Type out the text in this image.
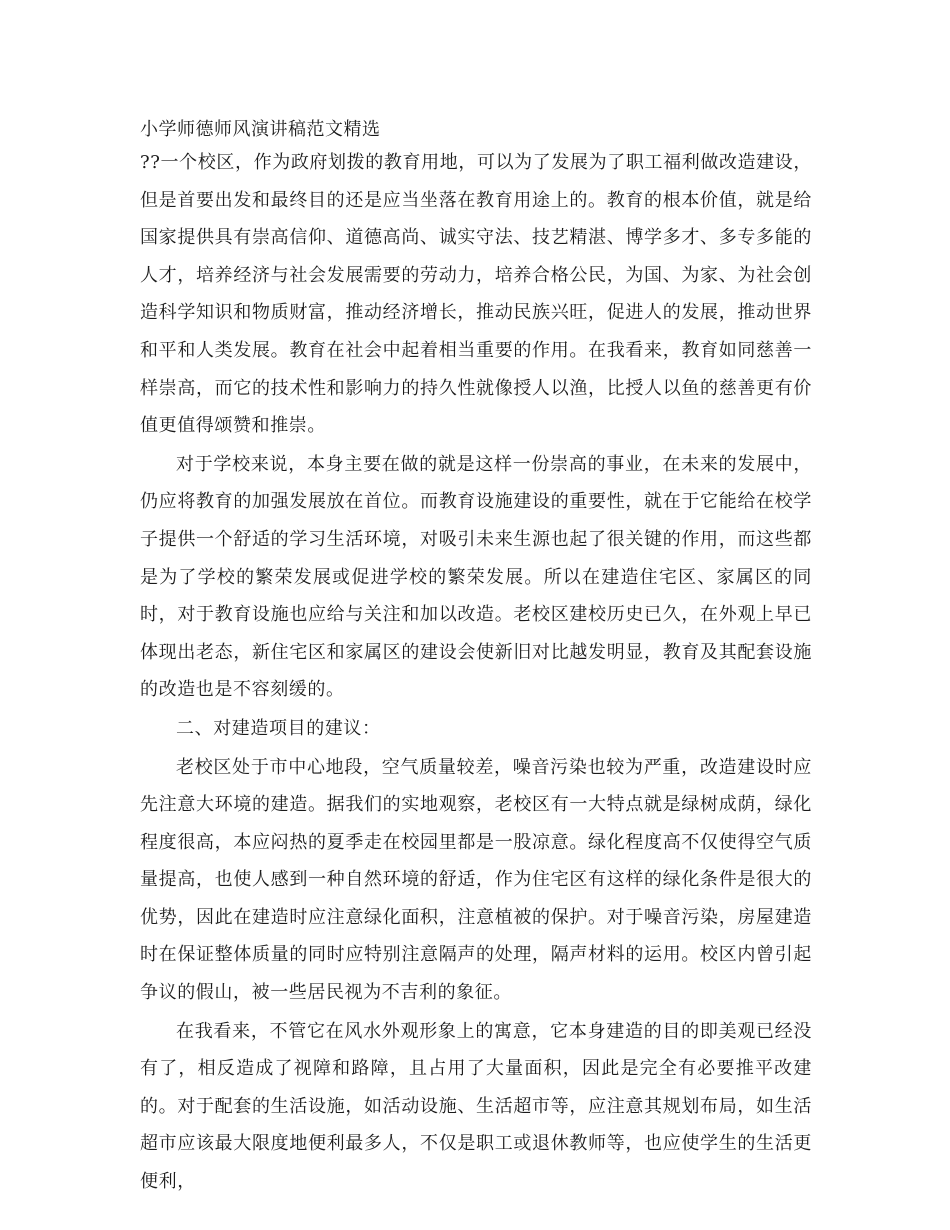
小学师德师风演讲稿范文精选

??一个校区，作为政府划拨的教育用地，可以为了发展为了职工福利做改造建设，但是首要出发和最终目的还是应当坐落在教育用途上的。教育的根本价值，就是给国家提供具有崇高信仰、道德高尚、诚实守法、技艺精湛、博学多才、多专多能的人才，培养经济与社会发展需要的劳动力，培养合格公民，为国、为家、为社会创造科学知识和物质财富，推动经济增长，推动民族兴旺，促进人的发展，推动世界和平和人类发展。教育在社会中起着相当重要的作用。在我看来，教育如同慈善一样崇高，而它的技术性和影响力的持久性就像授人以渔，比授人以鱼的慈善更有价值更值得颂赞和推崇。

对于学校来说，本身主要在做的就是这样一份崇高的事业，在未来的发展中，仍应将教育的加强发展放在首位。而教育设施建设的重要性，就在于它能给在校学子提供一个舒适的学习生活环境，对吸引未来生源也起了很关键的作用，而这些都是为了学校的繁荣发展或促进学校的繁荣发展。所以在建造住宅区、家属区的同时，对于教育设施也应给与关注和加以改造。老校区建校历史已久，在外观上早已体现出老态，新住宅区和家属区的建设会使新旧对比越发明显，教育及其配套设施的改造也是不容刻缓的。

二、对建造项目的建议：

老校区处于市中心地段，空气质量较差，噪音污染也较为严重，改造建设时应先注意大环境的建造。据我们的实地观察，老校区有一大特点就是绿树成荫，绿化程度很高，本应闷热的夏季走在校园里都是一股凉意。绿化程度高不仅使得空气质量提高，也使人感到一种自然环境的舒适，作为住宅区有这样的绿化条件是很大的优势，因此在建造时应注意绿化面积，注意植被的保护。对于噪音污染，房屋建造时在保证整体质量的同时应特别注意隔声的处理，隔声材料的运用。校区内曾引起争议的假山，被一些居民视为不吉利的象征。

在我看来，不管它在风水外观形象上的寓意，它本身建造的目的即美观已经没有了，相反造成了视障和路障，且占用了大量面积，因此是完全有必要推平改建的。对于配套的生活设施，如活动设施、生活超市等，应注意其规划布局，如生活超市应该最大限度地便利最多人，不仅是职工或退休教师等，也应使学生的生活更便利，
